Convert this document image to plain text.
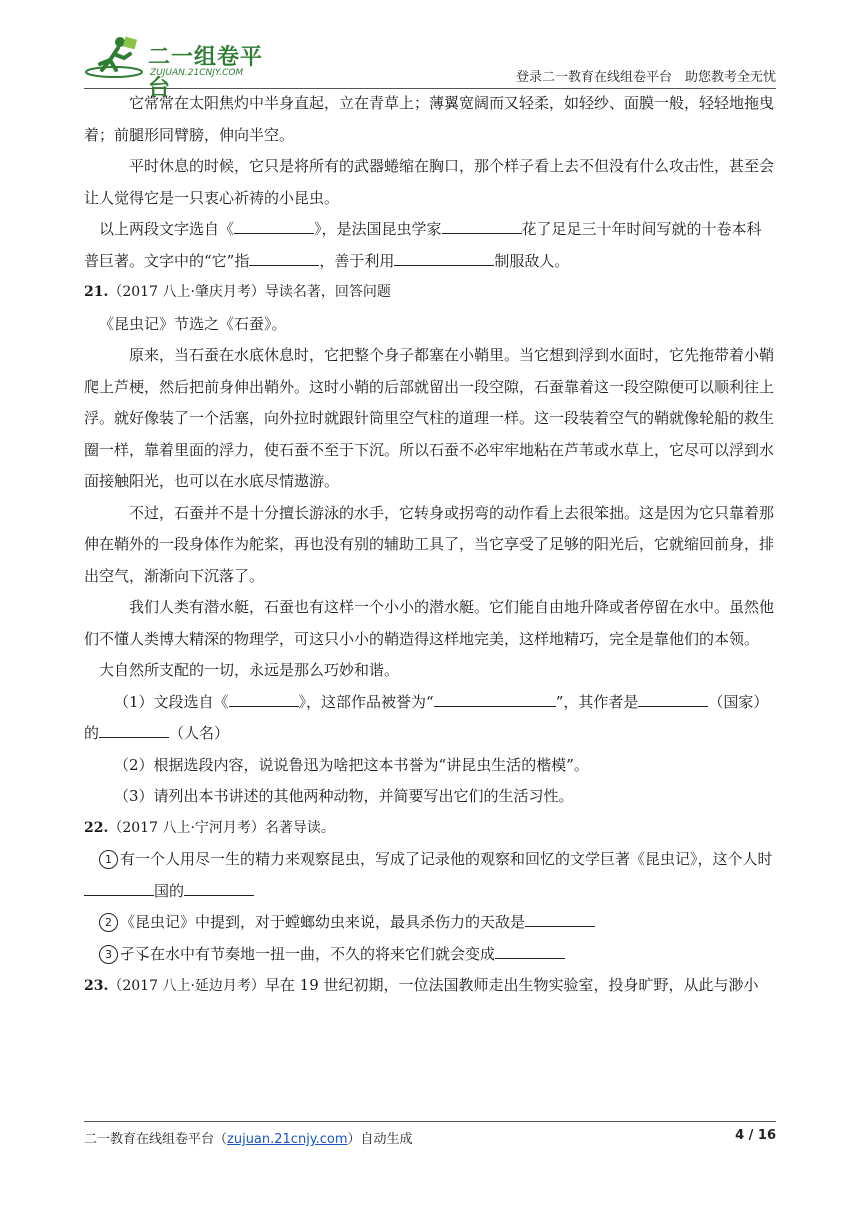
二一组卷平台
ZUJUAN.21CNJY.COM	登录二一教育在线组卷平台　助您教考全无忧

它常常在太阳焦灼中半身直起，立在青草上；薄翼宽阔而又轻柔，如轻纱、面膜一般，轻轻地拖曳着；前腿形同臂膀，伸向半空。

平时休息的时候，它只是将所有的武器蜷缩在胸口，那个样子看上去不但没有什么攻击性，甚至会让人觉得它是一只衷心祈祷的小昆虫。

以上两段文字选自《	》，是法国昆虫学家	花了足足三十年时间写就的十卷本科普巨著。文字中的“它”指	，善于利用	制服敌人。

21.（2017 八上·肇庆月考）导读名著，回答问题

《昆虫记》节选之《石蚕》。

原来，当石蚕在水底休息时，它把整个身子都塞在小鞘里。当它想到浮到水面时，它先拖带着小鞘爬上芦梗，然后把前身伸出鞘外。这时小鞘的后部就留出一段空隙，石蚕靠着这一段空隙便可以顺利往上浮。就好像装了一个活塞，向外拉时就跟针筒里空气柱的道理一样。这一段装着空气的鞘就像轮船的救生圈一样，靠着里面的浮力，使石蚕不至于下沉。所以石蚕不必牢牢地粘在芦苇或水草上，它尽可以浮到水面接触阳光，也可以在水底尽情遨游。

不过，石蚕并不是十分擅长游泳的水手，它转身或拐弯的动作看上去很笨拙。这是因为它只靠着那伸在鞘外的一段身体作为舵桨，再也没有别的辅助工具了，当它享受了足够的阳光后，它就缩回前身，排出空气，渐渐向下沉落了。

我们人类有潜水艇，石蚕也有这样一个小小的潜水艇。它们能自由地升降或者停留在水中。虽然他们不懂人类博大精深的物理学，可这只小小的鞘造得这样地完美，这样地精巧，完全是靠他们的本领。

大自然所支配的一切，永远是那么巧妙和谐。

（1）文段选自《	》，这部作品被誉为“	”，其作者是	（国家）的	（人名）

（2）根据选段内容，说说鲁迅为啥把这本书誉为“讲昆虫生活的楷模”。

（3）请列出本书讲述的其他两种动物，并简要写出它们的生活习性。

22.（2017 八上·宁河月考）名著导读。

1 有一个人用尽一生的精力来观察昆虫，写成了记录他的观察和回忆的文学巨著《昆虫记》，这个人时国的

2 《昆虫记》中提到，对于螳螂幼虫来说，最具杀伤力的天敌是

3 孑孓在水中有节奏地一扭一曲，不久的将来它们就会变成

23.（2017 八上·延边月考）早在 19 世纪初期，一位法国教师走出生物实验室，投身旷野，从此与渺小

二一教育在线组卷平台（zujuan.21cnjy.com）自动生成	4 / 16
